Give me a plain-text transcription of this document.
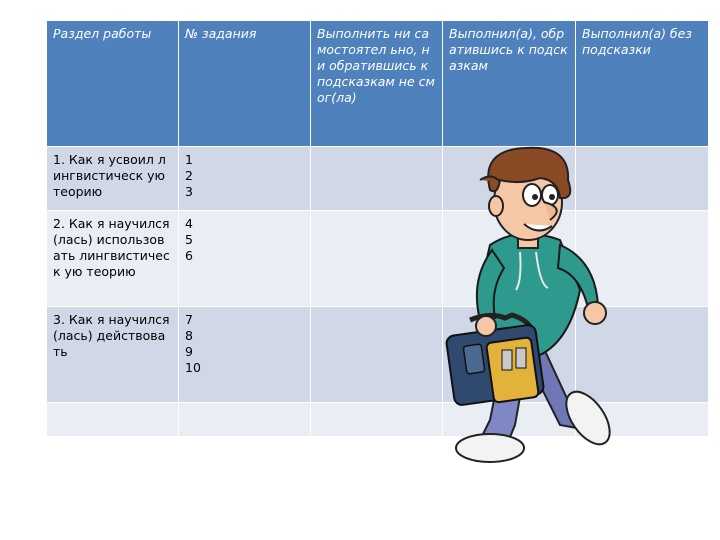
Раздел работы	№ задания	Выполнить ни самостоятел ьно, ни обратившись к подсказкам не смог(ла)	Выполнил(а), обратившись к подсказкам	Выполнил(а) без подсказки
1. Как я усвоил лингвистическ ую теорию	1
2
3			

2. Как я научился(лась) использовать лингвистическ ую теорию	4
5
6			

3. Как я научился(лась) действовать	7
8
9
10			
